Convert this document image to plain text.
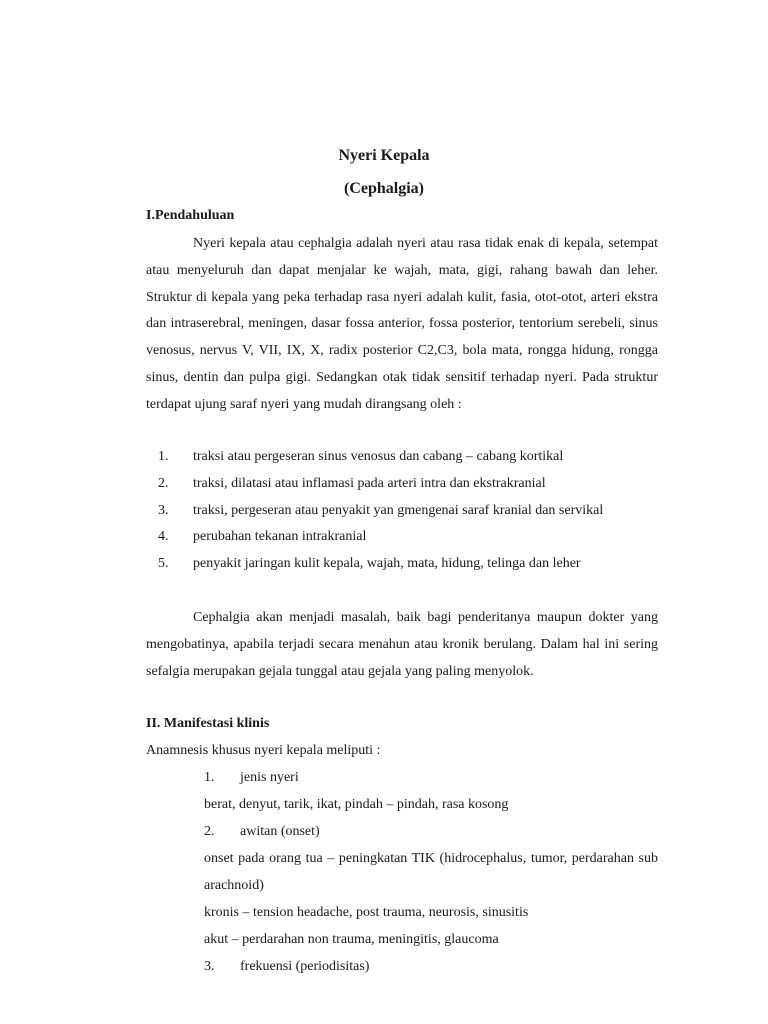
Nyeri Kepala
(Cephalgia)
I.Pendahuluan

Nyeri kepala atau cephalgia adalah nyeri atau rasa tidak enak di kepala, setempat atau menyeluruh dan dapat menjalar ke wajah, mata, gigi, rahang bawah dan leher. Struktur di kepala yang peka terhadap rasa nyeri adalah kulit, fasia, otot-otot, arteri ekstra dan intraserebral, meningen, dasar fossa anterior, fossa posterior, tentorium serebeli, sinus venosus, nervus V, VII, IX, X, radix posterior C2,C3, bola mata, rongga hidung, rongga sinus, dentin dan pulpa gigi. Sedangkan otak tidak sensitif terhadap nyeri. Pada struktur terdapat ujung saraf nyeri yang mudah dirangsang oleh :

1.	traksi atau pergeseran sinus venosus dan cabang – cabang kortikal
2.	traksi, dilatasi atau inflamasi pada arteri intra dan ekstrakranial
3.	traksi, pergeseran atau penyakit yan gmengenai saraf kranial dan servikal
4.	perubahan tekanan intrakranial
5.	penyakit jaringan kulit kepala, wajah, mata, hidung, telinga dan leher

Cephalgia akan menjadi masalah, baik bagi penderitanya maupun dokter yang mengobatinya, apabila terjadi secara menahun atau kronik berulang. Dalam hal ini sering sefalgia merupakan gejala tunggal atau gejala yang paling menyolok.

II. Manifestasi klinis

Anamnesis khusus nyeri kepala meliputi :

1. jenis nyeri

berat, denyut, tarik, ikat, pindah – pindah, rasa kosong

2. awitan (onset)

onset pada orang tua – peningkatan TIK (hidrocephalus, tumor, perdarahan sub arachnoid)

kronis – tension headache, post trauma, neurosis, sinusitis

akut – perdarahan non trauma, meningitis, glaucoma

3. frekuensi (periodisitas)
